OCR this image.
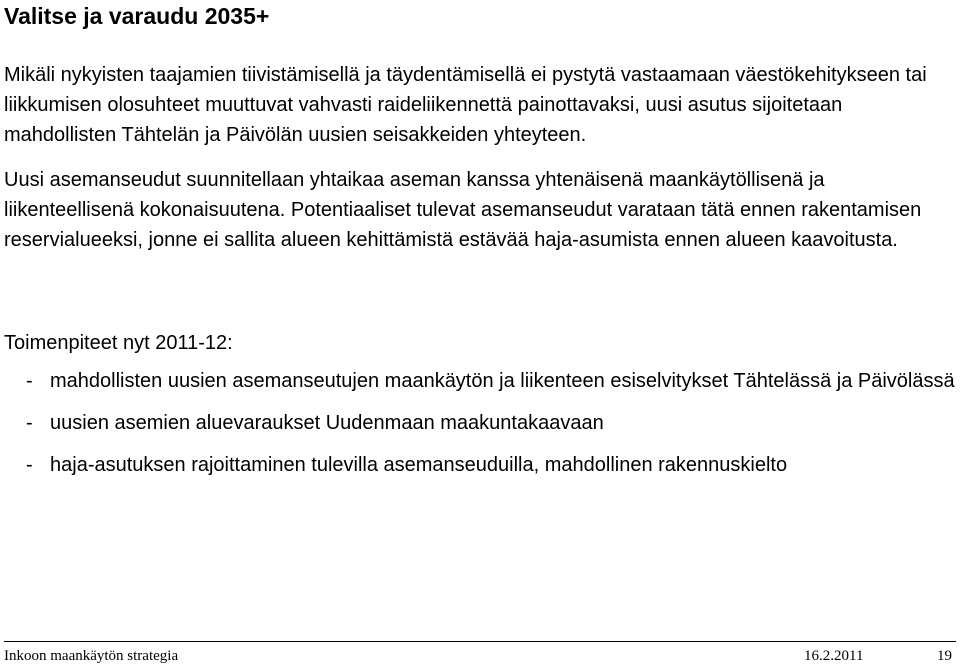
Valitse ja varaudu 2035+

Mikäli nykyisten taajamien tiivistämisellä ja täydentämisellä ei pystytä vastaamaan väestökehitykseen tai liikkumisen olosuhteet muuttuvat vahvasti raideliikennettä painottavaksi, uusi asutus sijoitetaan mahdollisten Tähtelän ja Päivölän uusien seisakkeiden yhteyteen.

Uusi asemanseudut suunnitellaan yhtaikaa aseman kanssa yhtenäisenä maankäytöllisenä ja liikenteellisenä kokonaisuutena. Potentiaaliset tulevat asemanseudut varataan tätä ennen rakentamisen reservialueeksi, jonne ei sallita alueen kehittämistä estävää haja-asumista ennen alueen kaavoitusta.

Toimenpiteet nyt 2011-12:
- mahdollisten uusien asemanseutujen maankäytön ja liikenteen esiselvitykset Tähtelässä ja Päivölässä
- uusien asemien aluevaraukset Uudenmaan maakuntakaavaan
- haja-asutuksen rajoittaminen tulevilla asemanseuduilla, mahdollinen rakennuskielto
Inkoon maankäytön strategia	16.2.2011	19
